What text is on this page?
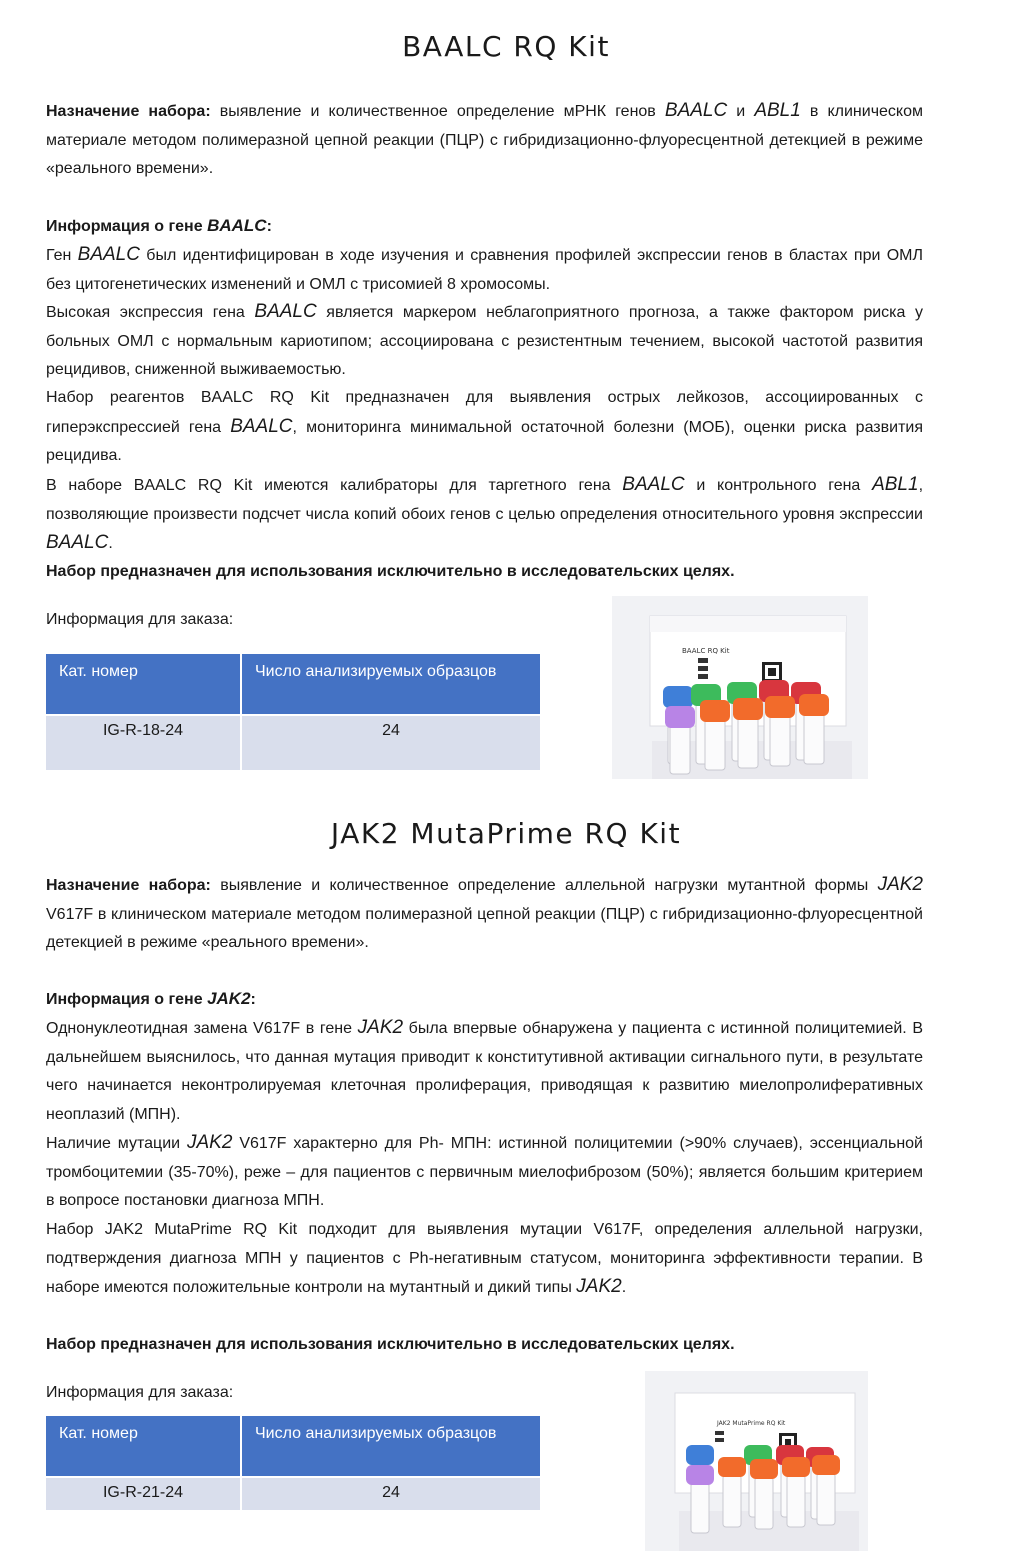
BAALC RQ Kit

Назначение набора: выявление и количественное определение мРНК генов BAALC и ABL1 в клиническом материале методом полимеразной цепной реакции (ПЦР) с гибридизационно-флуоресцентной детекцией в режиме «реального времени».

Информация о гене BAALC:

Ген BAALC был идентифицирован в ходе изучения и сравнения профилей экспрессии генов в бластах при ОМЛ без цитогенетических изменений и ОМЛ с трисомией 8 хромосомы.

Высокая экспрессия гена BAALC является маркером неблагоприятного прогноза, а также фактором риска у больных ОМЛ с нормальным кариотипом; ассоциирована с резистентным течением, высокой частотой развития рецидивов, сниженной выживаемостью.

Набор реагентов BAALC RQ Kit предназначен для выявления острых лейкозов, ассоциированных с гиперэкспрессией гена BAALC, мониторинга минимальной остаточной болезни (МОБ), оценки риска развития рецидива.

В наборе BAALC RQ Kit имеются калибраторы для таргетного гена BAALC и контрольного гена ABL1, позволяющие произвести подсчет числа копий обоих генов с целью определения относительного уровня экспрессии BAALC.

Набор предназначен для использования исключительно в исследовательских целях.

Информация для заказа:

Кат. номер	Число анализируемых образцов
IG-R-18-24	24
BAALC RQ Kit
JAK2 MutaPrime RQ Kit

Назначение набора: выявление и количественное определение аллельной нагрузки мутантной формы JAK2 V617F в клиническом материале методом полимеразной цепной реакции (ПЦР) с гибридизационно-флуоресцентной детекцией в режиме «реального времени».

Информация о гене JAK2:

Однонуклеотидная замена V617F в гене JAK2 была впервые обнаружена у пациента с истинной полицитемией. В дальнейшем выяснилось, что данная мутация приводит к конститутивной активации сигнального пути, в результате чего начинается неконтролируемая клеточная пролиферация, приводящая к развитию миелопролиферативных неоплазий (МПН).

Наличие мутации JAK2 V617F характерно для Ph- МПН: истинной полицитемии (>90% случаев), эссенциальной тромбоцитемии (35-70%), реже – для пациентов с первичным миелофиброзом (50%); является большим критерием в вопросе постановки диагноза МПН.

Набор JAK2 MutaPrime RQ Kit подходит для выявления мутации V617F, определения аллельной нагрузки, подтверждения диагноза МПН у пациентов с Ph-негативным статусом, мониторинга эффективности терапии. В наборе имеются положительные контроли на мутантный и дикий типы JAK2.

Набор предназначен для использования исключительно в исследовательских целях.

Информация для заказа:

Кат. номер	Число анализируемых образцов
IG-R-21-24	24
JAK2 MutaPrime RQ Kit
